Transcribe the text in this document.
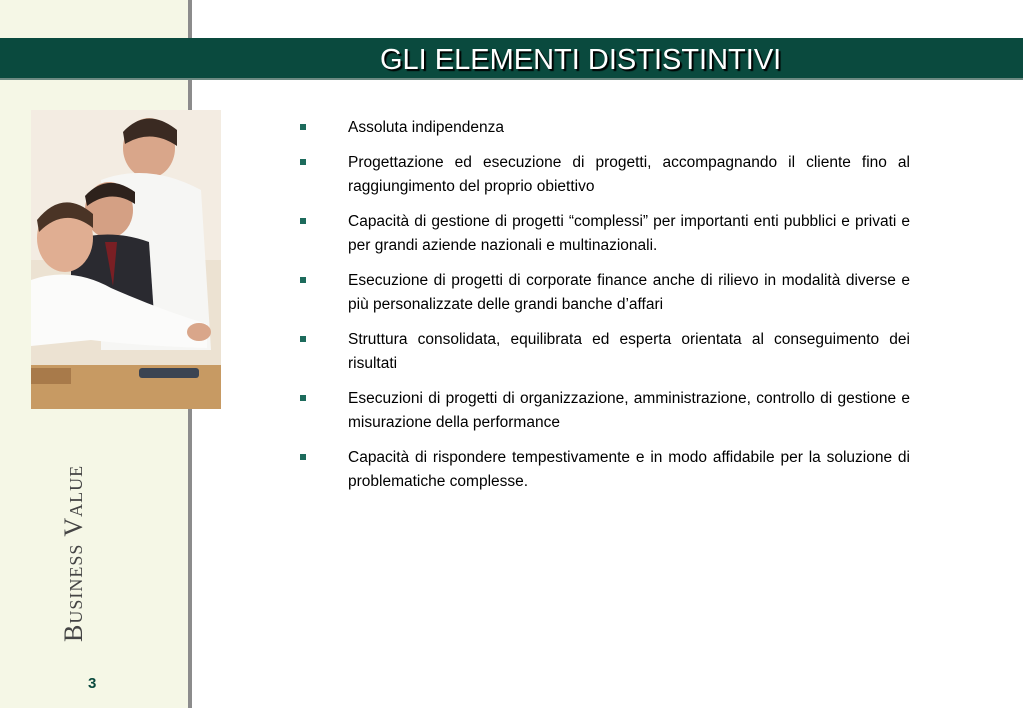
GLI ELEMENTI DISTISTINTIVI
Business Value
3
Assoluta indipendenza
Progettazione ed esecuzione di progetti, accompagnando il cliente fino al raggiungimento del proprio obiettivo
Capacità di gestione di progetti “complessi” per importanti enti pubblici e privati e per grandi aziende nazionali e multinazionali.
Esecuzione di progetti di corporate finance anche di rilievo in modalità diverse e più personalizzate delle grandi banche d’affari
Struttura consolidata, equilibrata ed esperta orientata al conseguimento dei risultati
Esecuzioni di progetti di organizzazione, amministrazione, controllo di gestione e misurazione della performance
Capacità di rispondere tempestivamente e in modo affidabile per la soluzione di problematiche complesse.
